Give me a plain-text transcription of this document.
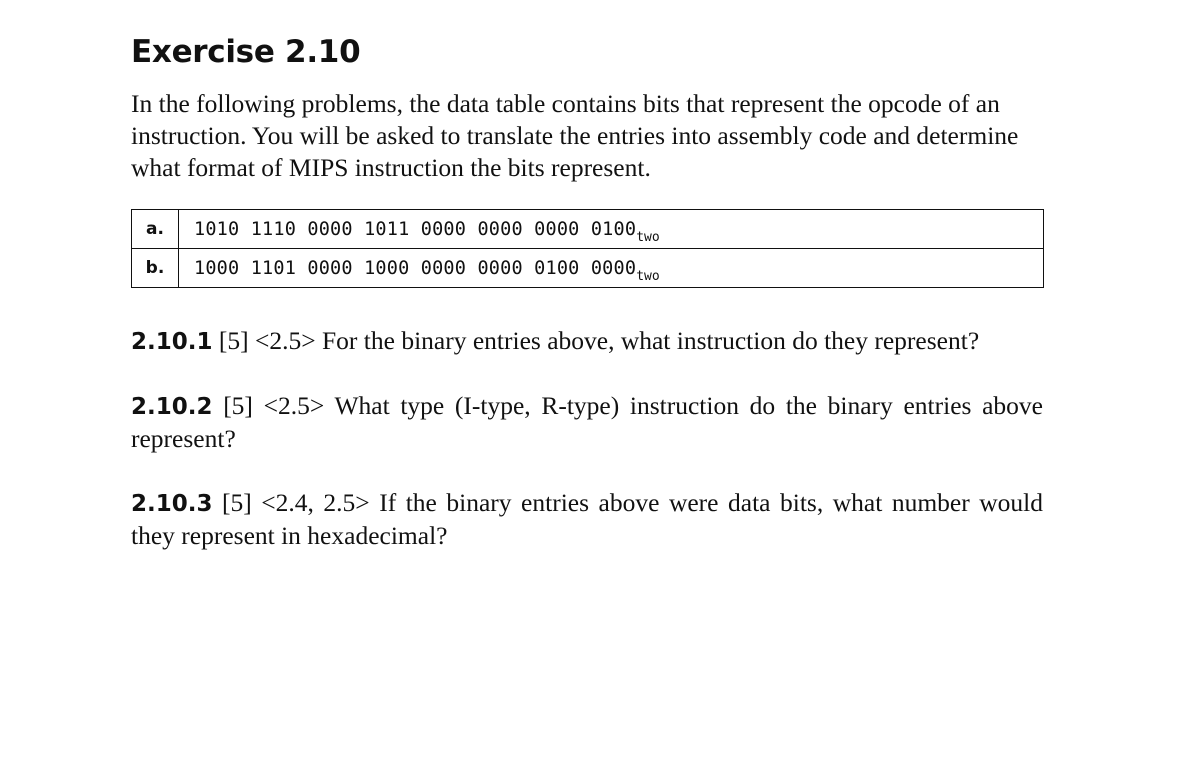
Exercise 2.10

In the following problems, the data table contains bits that represent the opcode of an instruction. You will be asked to translate the entries into assembly code and determine what format of MIPS instruction the bits represent.

a.	1010 1110 0000 1011 0000 0000 0000 $0100_{two}$
b.	1000 1101 0000 1000 0000 0000 0100 $0000_{two}$

2.10.1 [5] <2.5> For the binary entries above, what instruction do they represent?

2.10.2 [5] <2.5> What type (I-type, R-type) instruction do the binary entries above represent?

2.10.3 [5] <2.4, 2.5> If the binary entries above were data bits, what number would they represent in hexadecimal?
